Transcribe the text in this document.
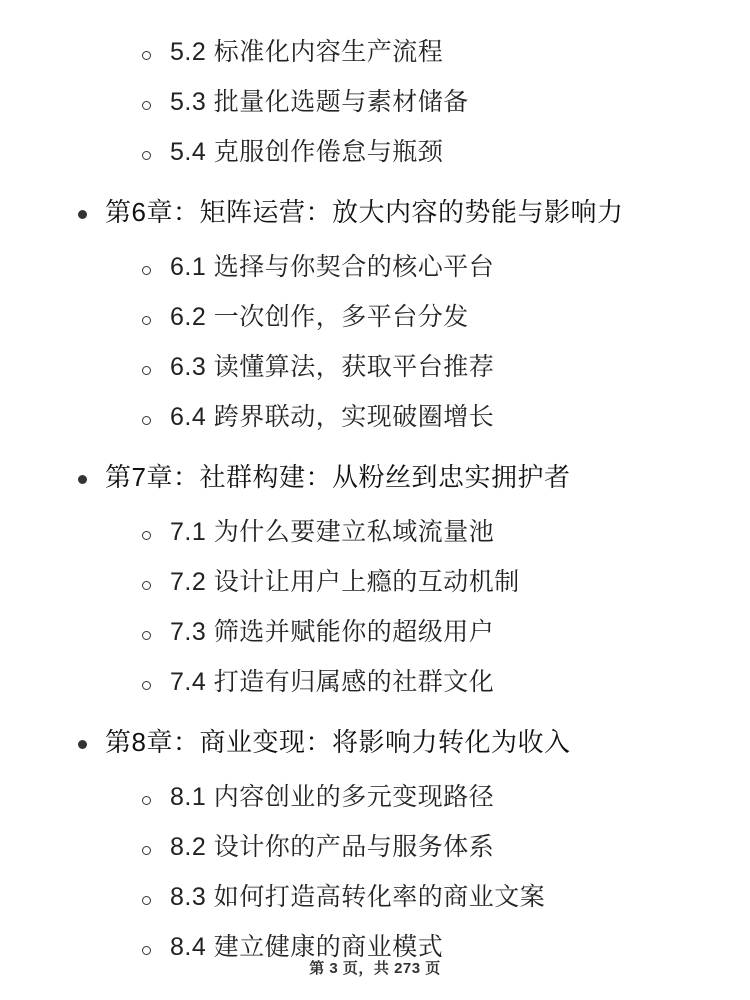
5.2 标准化内容生产流程
5.3 批量化选题与素材储备
5.4 克服创作倦怠与瓶颈
第6章：矩阵运营：放大内容的势能与影响力
6.1 选择与你契合的核心平台
6.2 一次创作，多平台分发
6.3 读懂算法，获取平台推荐
6.4 跨界联动，实现破圈增长
第7章：社群构建：从粉丝到忠实拥护者
7.1 为什么要建立私域流量池
7.2 设计让用户上瘾的互动机制
7.3 筛选并赋能你的超级用户
7.4 打造有归属感的社群文化
第8章：商业变现：将影响力转化为收入
8.1 内容创业的多元变现路径
8.2 设计你的产品与服务体系
8.3 如何打造高转化率的商业文案
8.4 建立健康的商业模式
第 3 页，共 273 页
